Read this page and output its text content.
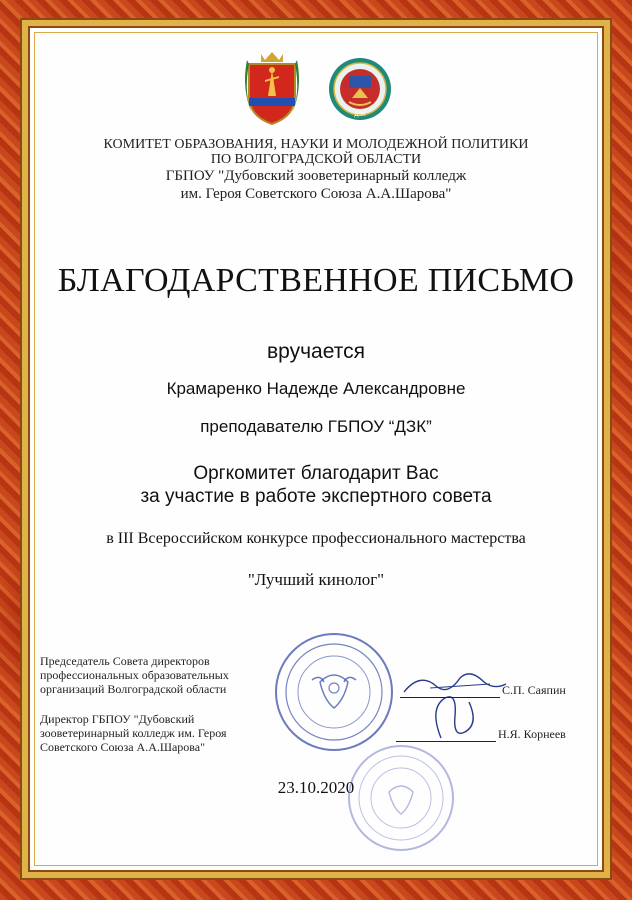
ДЗК
КОМИТЕТ ОБРАЗОВАНИЯ, НАУКИ И МОЛОДЕЖНОЙ ПОЛИТИКИ
ПО ВОЛГОГРАДСКОЙ ОБЛАСТИ
ГБПОУ "Дубовский зооветеринарный колледж
им. Героя Советского Союза А.А.Шарова"
БЛАГОДАРСТВЕННОЕ ПИСЬМО
вручается
Крамаренко Надежде Александровне
преподавателю ГБПОУ “ДЗК”
Оргкомитет благодарит Вас
за участие в работе экспертного совета
в III Всероссийском конкурсе профессионального мастерства
"Лучший кинолог"
Председатель Совета директоров
профессиональных образовательных
организаций Волгоградской области	С.П. Саяпин
Директор ГБПОУ "Дубовский
зооветеринарный колледж им. Героя
Советского Союза А.А.Шарова"
Н.Я. Корнеев
23.10.2020
